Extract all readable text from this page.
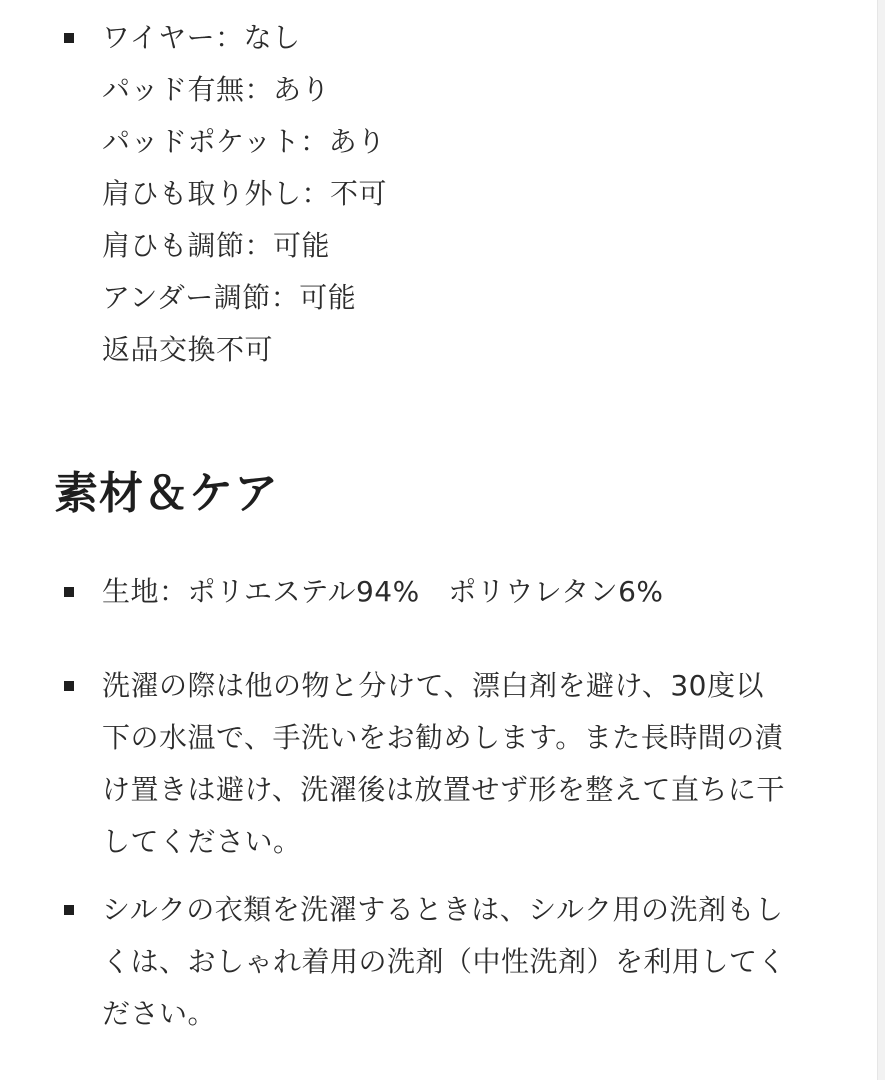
ワイヤー：なし
パッド有無：あり
パッドポケット：あり
肩ひも取り外し：不可
肩ひも調節：可能
アンダー調節：可能
返品交換不可
素材＆ケア
生地：ポリエステル94%　ポリウレタン6%
洗濯の際は他の物と分けて、漂白剤を避け、30度以
下の水温で、手洗いをお勧めします。また長時間の漬
け置きは避け、洗濯後は放置せず形を整えて直ちに干
してください。
シルクの衣類を洗濯するときは、シルク用の洗剤もし
くは、おしゃれ着用の洗剤（中性洗剤）を利用してく
ださい。
